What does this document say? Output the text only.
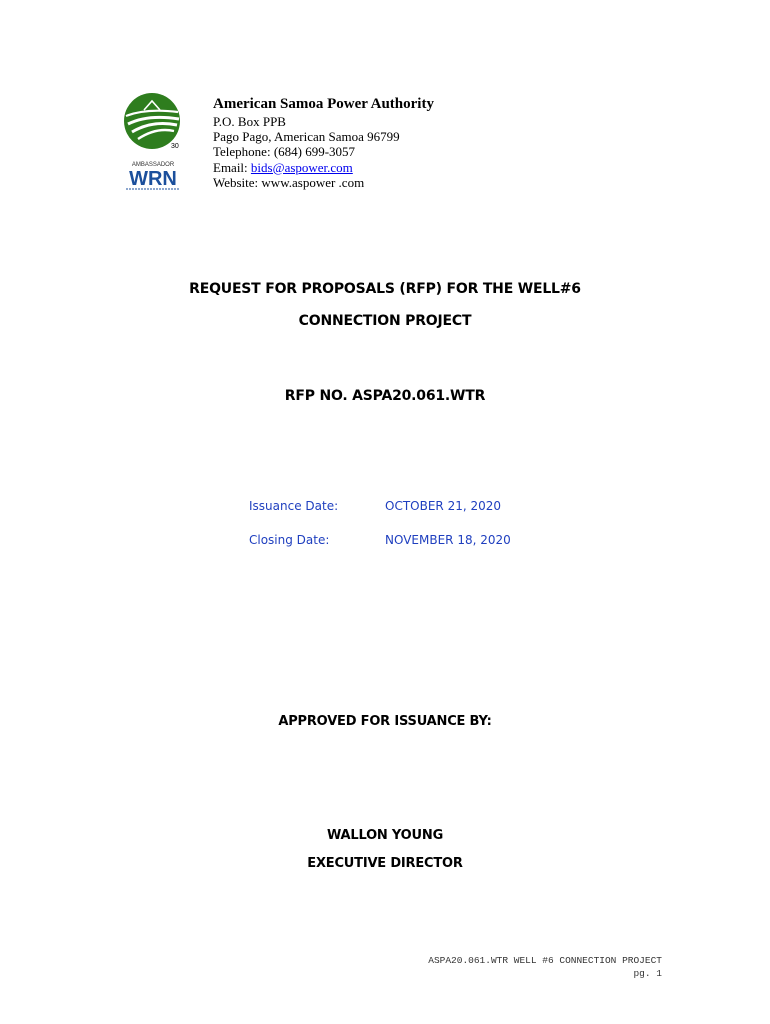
30
AMBASSADOR
WRN
American Samoa Power Authority
P.O. Box PPB
Pago Pago, American Samoa 96799
Telephone: (684) 699-3057
Email: bids@aspower.com
Website: www.aspower .com
REQUEST FOR PROPOSALS (RFP) FOR THE WELL#6
CONNECTION PROJECT
RFP NO. ASPA20.061.WTR
Issuance Date:	OCTOBER 21, 2020
Closing Date:	NOVEMBER 18, 2020
APPROVED FOR ISSUANCE BY:
WALLON YOUNG
EXECUTIVE DIRECTOR
ASPA20.061.WTR WELL #6 CONNECTION PROJECT
pg. 1
